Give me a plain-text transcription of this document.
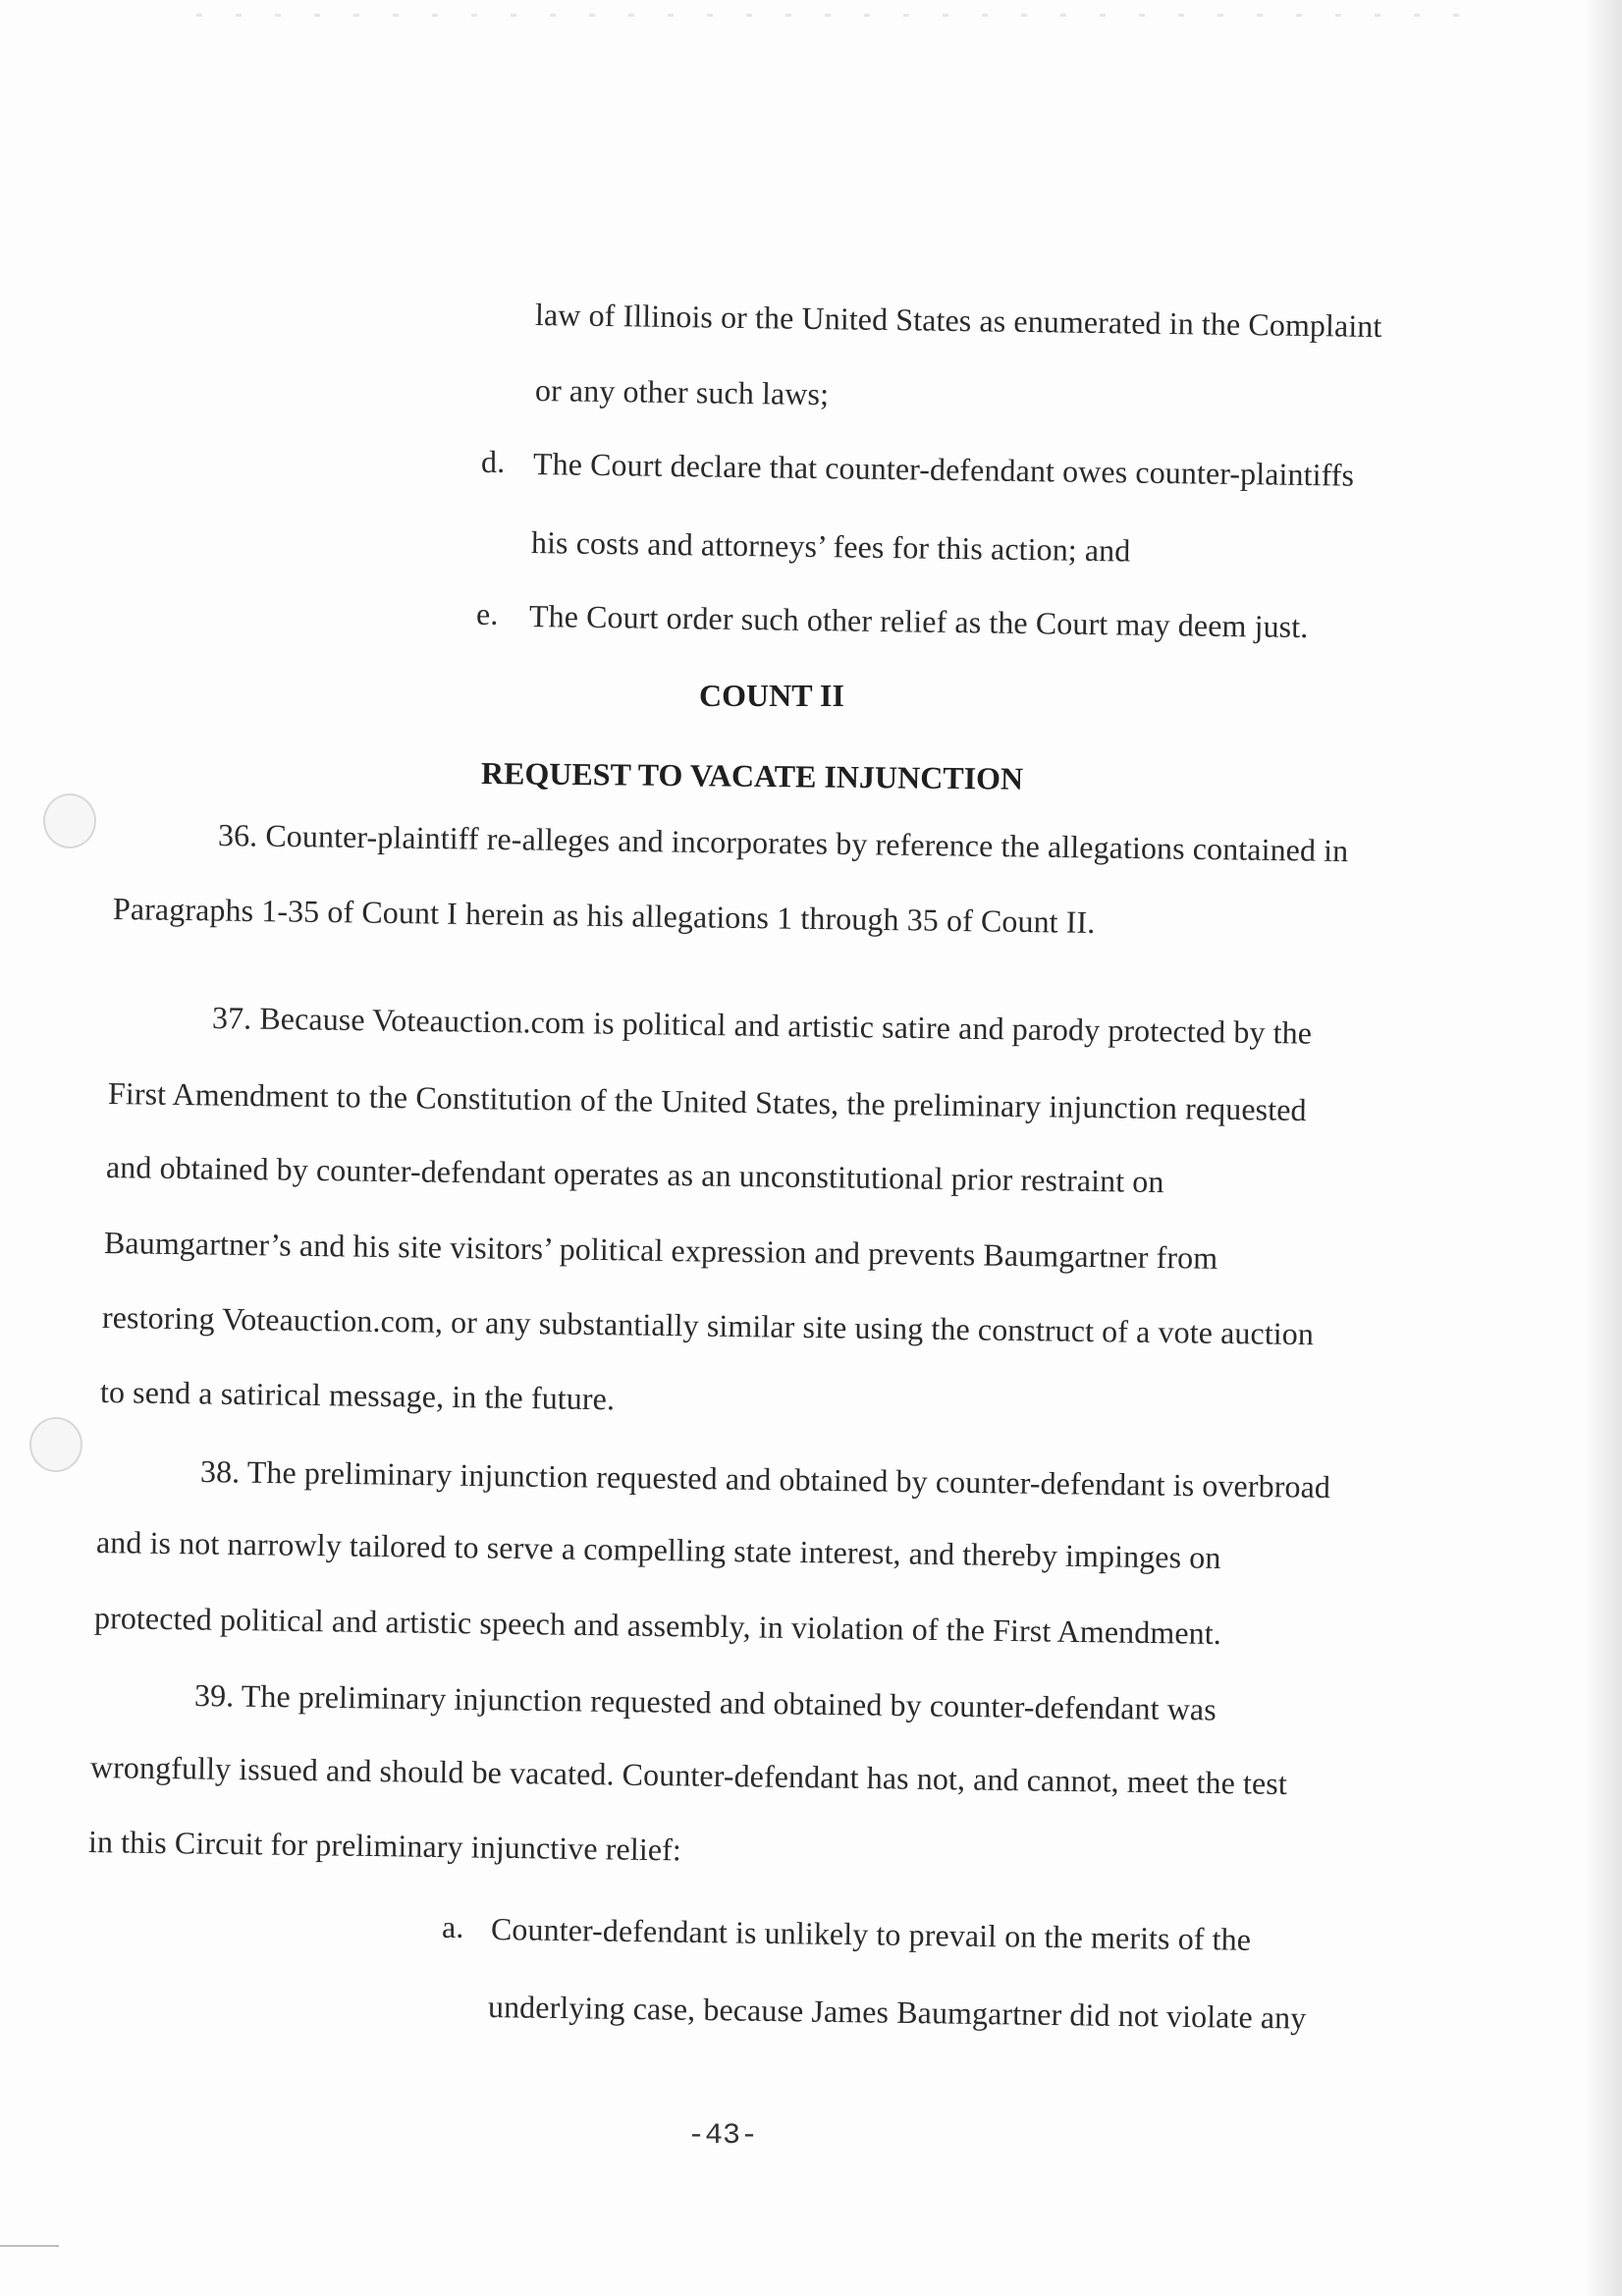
law of Illinois or the United States as enumerated in the Complaint
or any other such laws;
d. The Court declare that counter-defendant owes counter-plaintiffs
his costs and attorneys’ fees for this action; and
e. The Court order such other relief as the Court may deem just.
COUNT II
REQUEST TO VACATE INJUNCTION
36. Counter-plaintiff re-alleges and incorporates by reference the allegations contained in
Paragraphs 1-35 of Count I herein as his allegations 1 through 35 of Count II.
37. Because Voteauction.com is political and artistic satire and parody protected by the
First Amendment to the Constitution of the United States, the preliminary injunction requested
and obtained by counter-defendant operates as an unconstitutional prior restraint on
Baumgartner’s and his site visitors’ political expression and prevents Baumgartner from
restoring Voteauction.com, or any substantially similar site using the construct of a vote auction
to send a satirical message, in the future.
38. The preliminary injunction requested and obtained by counter-defendant is overbroad
and is not narrowly tailored to serve a compelling state interest, and thereby impinges on
protected political and artistic speech and assembly, in violation of the First Amendment.
39. The preliminary injunction requested and obtained by counter-defendant was
wrongfully issued and should be vacated. Counter-defendant has not, and cannot, meet the test
in this Circuit for preliminary injunctive relief:
a. Counter-defendant is unlikely to prevail on the merits of the
underlying case, because James Baumgartner did not violate any
-43-
